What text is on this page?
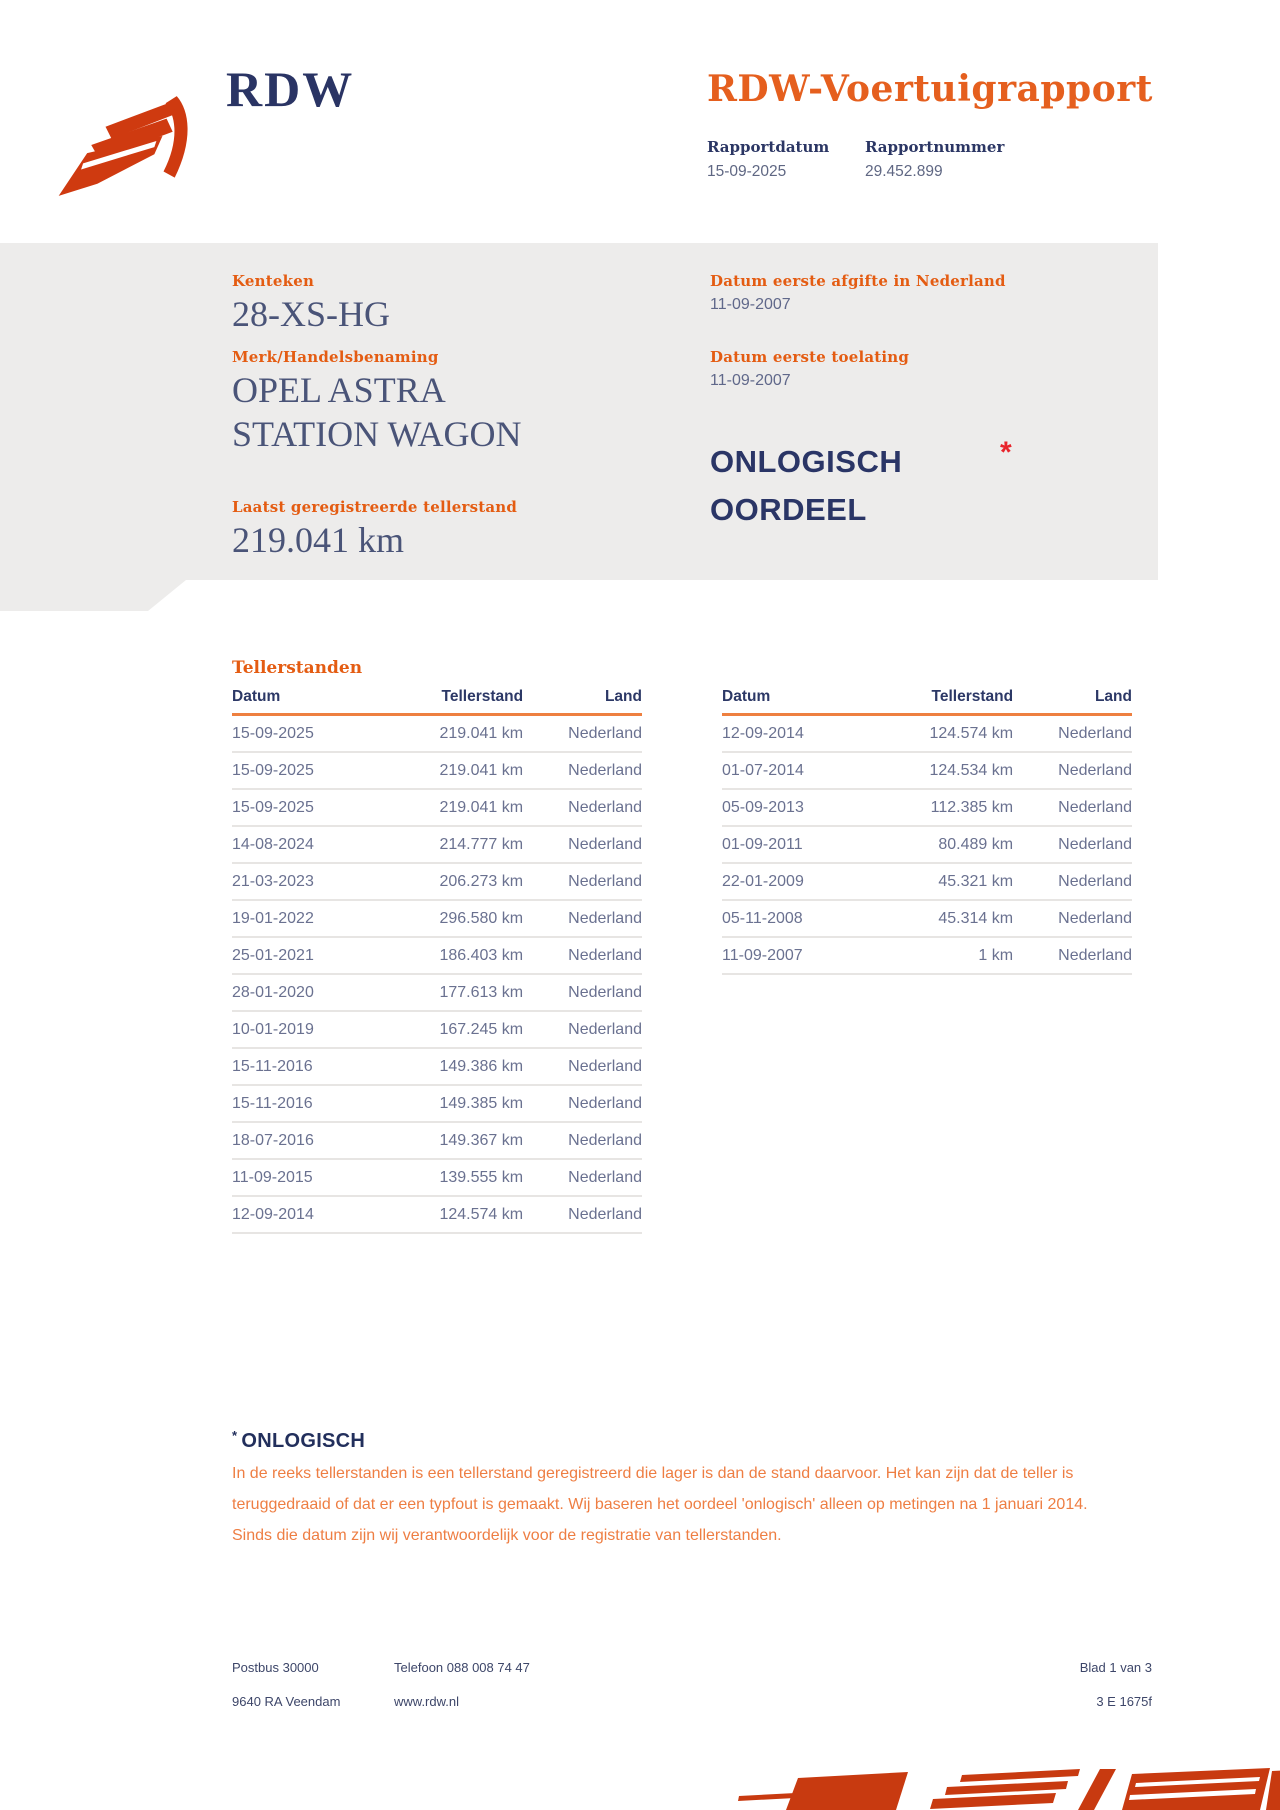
RDW	RDW-Voertuigrapport
Rapportdatum Rapportnummer
15-09-2025	29.452.899
Kenteken
28-XS-HG
Merk/Handelsbenaming
OPEL ASTRA
STATION WAGON
Laatst geregistreerde tellerstand
219.041 km
Datum eerste afgifte in Nederland
11-09-2007
Datum eerste toelating
11-09-2007
ONLOGISCH
OORDEEL
*
Tellerstanden
Datum	Tellerstand	Land
15-09-2025	219.041 km	Nederland
15-09-2025	219.041 km	Nederland
15-09-2025	219.041 km	Nederland
14-08-2024	214.777 km	Nederland
21-03-2023	206.273 km	Nederland
19-01-2022	296.580 km	Nederland
25-01-2021	186.403 km	Nederland
28-01-2020	177.613 km	Nederland
10-01-2019	167.245 km	Nederland
15-11-2016	149.386 km	Nederland
15-11-2016	149.385 km	Nederland
18-07-2016	149.367 km	Nederland
11-09-2015	139.555 km	Nederland
12-09-2014	124.574 km	Nederland
Datum	Tellerstand	Land
12-09-2014	124.574 km	Nederland
01-07-2014	124.534 km	Nederland
05-09-2013	112.385 km	Nederland
01-09-2011	80.489 km	Nederland
22-01-2009	45.321 km	Nederland
05-11-2008	45.314 km	Nederland
11-09-2007	1 km	Nederland
* ONLOGISCH
In de reeks tellerstanden is een tellerstand geregistreerd die lager is dan de stand daarvoor. Het kan zijn dat de teller is teruggedraaid of dat er een typfout is gemaakt. Wij baseren het oordeel 'onlogisch' alleen op metingen na 1 januari 2014. Sinds die datum zijn wij verantwoordelijk voor de registratie van tellerstanden.
Postbus 30000
9640 RA Veendam
Telefoon 088 008 74 47
www.rdw.nl
Blad 1 van 3
3 E 1675f
